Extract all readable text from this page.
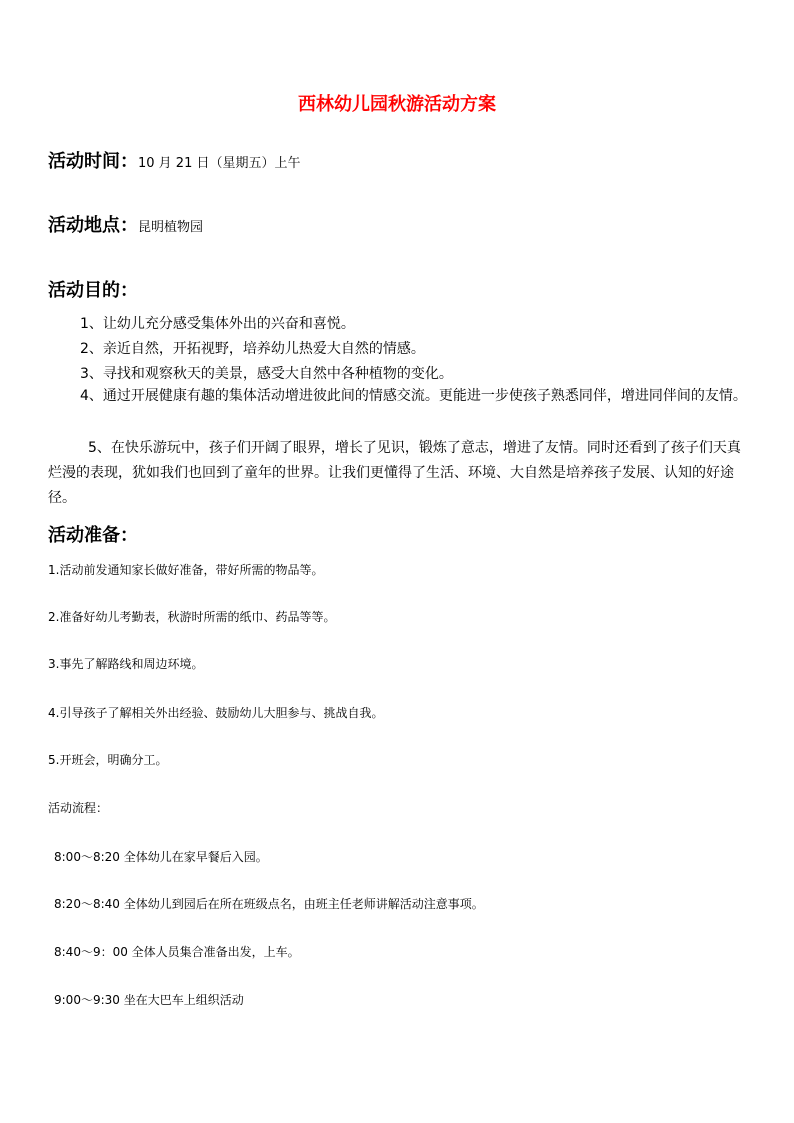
西林幼儿园秋游活动方案
活动时间：10 月 21 日（星期五）上午
活动地点：昆明植物园
活动目的：
1、让幼儿充分感受集体外出的兴奋和喜悦。
2、亲近自然，开拓视野，培养幼儿热爱大自然的情感。
3、寻找和观察秋天的美景，感受大自然中各种植物的变化。
4、通过开展健康有趣的集体活动增进彼此间的情感交流。更能进一步使孩子熟悉同伴，增进同伴间的友情。
5、在快乐游玩中，孩子们开阔了眼界，增长了见识，锻炼了意志，增进了友情。同时还看到了孩子们天真烂漫的表现，犹如我们也回到了童年的世界。让我们更懂得了生活、环境、大自然是培养孩子发展、认知的好途径。
活动准备：
1.活动前发通知家长做好准备，带好所需的物品等。
2.准备好幼儿考勤表，秋游时所需的纸巾、药品等等。
3.事先了解路线和周边环境。
4.引导孩子了解相关外出经验、鼓励幼儿大胆参与、挑战自我。
5.开班会，明确分工。
活动流程：
8:00～8:20 全体幼儿在家早餐后入园。
8:20～8:40 全体幼儿到园后在所在班级点名，由班主任老师讲解活动注意事项。
8:40～9：00 全体人员集合准备出发，上车。
9:00～9:30 坐在大巴车上组织活动
